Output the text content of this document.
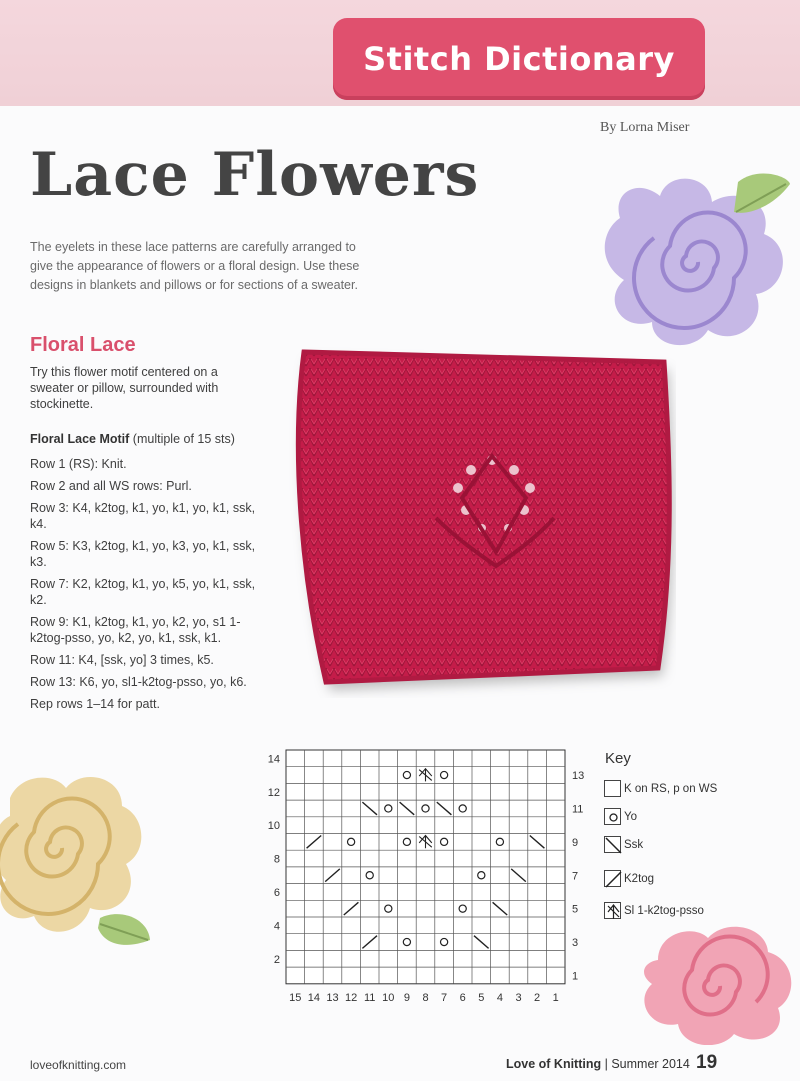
Stitch Dictionary
By Lorna Miser
Lace Flowers
The eyelets in these lace patterns are carefully arranged to give the appearance of flowers or a floral design. Use these designs in blankets and pillows or for sections of a sweater.
Floral Lace
Try this flower motif centered on a sweater or pillow, surrounded with stockinette.
Floral Lace Motif (multiple of 15 sts)

Row 1 (RS): Knit.

Row 2 and all WS rows: Purl.

Row 3: K4, k2tog, k1, yo, k1, yo, k1, ssk, k4.

Row 5: K3, k2tog, k1, yo, k3, yo, k1, ssk, k3.

Row 7: K2, k2tog, k1, yo, k5, yo, k1, ssk, k2.

Row 9: K1, k2tog, k1, yo, k2, yo, s1 1-k2tog-psso, yo, k2, yo, k1, ssk, k1.

Row 11: K4, [ssk, yo] 3 times, k5.

Row 13: K6, yo, sl1-k2tog-psso, yo, k6.

Rep rows 1–14 for patt.

14
12
10
8
6
4
2
13
11
9
7
5
3
1
15 14 13 12 11 10 9 8 7 6 5 4 3 2 1
Key
K on RS, p on WS
Yo
Ssk
K2tog
Sl 1-k2tog-psso
loveofknitting.com	Love of Knitting | Summer 2014 19
